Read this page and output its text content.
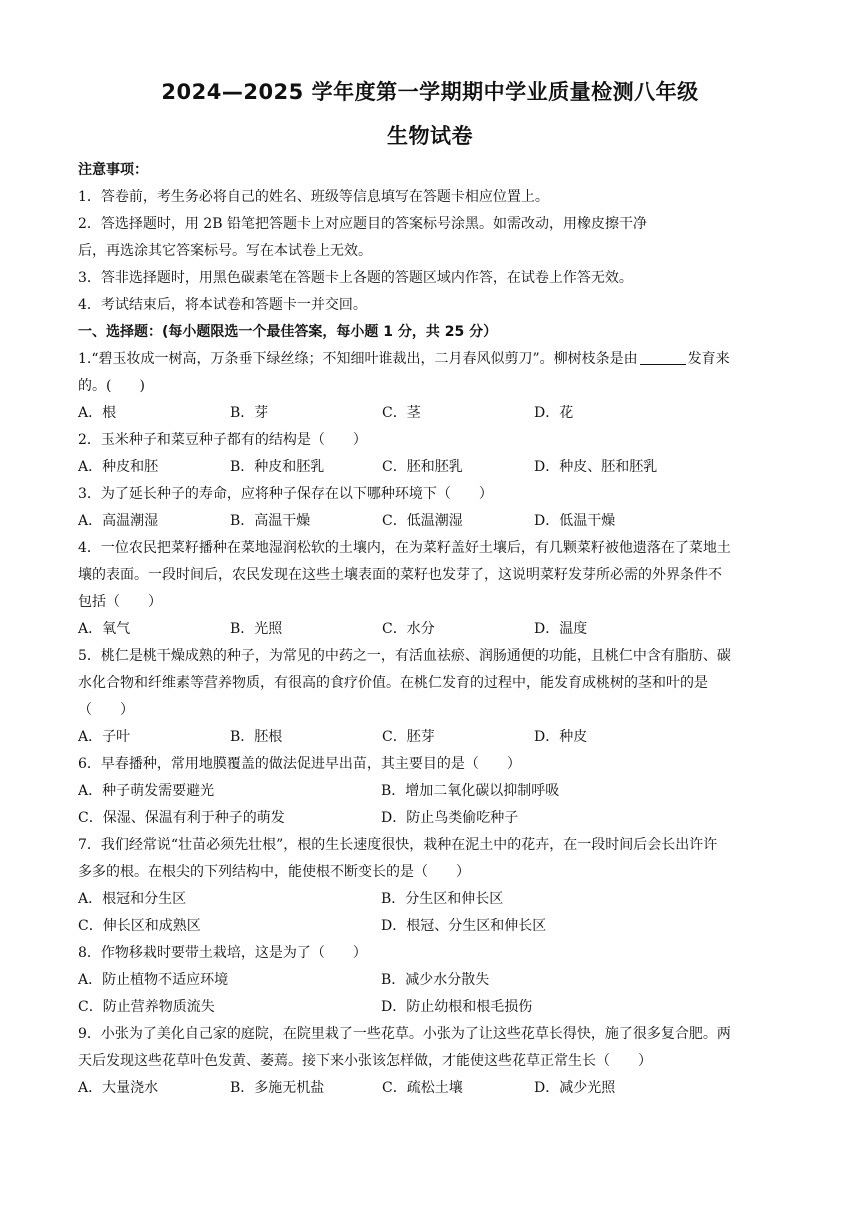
2024—2025 学年度第一学期期中学业质量检测八年级
生物试卷
注意事项：
1．答卷前，考生务必将自己的姓名、班级等信息填写在答题卡相应位置上。
2．答选择题时，用 2B 铅笔把答题卡上对应题目的答案标号涂黑。如需改动，用橡皮擦干净
后，再选涂其它答案标号。写在本试卷上无效。
3．答非选择题时，用黑色碳素笔在答题卡上各题的答题区域内作答，在试卷上作答无效。
4．考试结束后，将本试卷和答题卡一并交回。
一、选择题：(每小题限选一个最佳答案，每小题 1 分，共 25 分）
1.“碧玉妆成一树高，万条垂下绿丝绦；不知细叶谁裁出，二月春风似剪刀”。柳树枝条是由	发育来
的。(　　)
A．根	B．芽	C．茎	D．花
2．玉米种子和菜豆种子都有的结构是（　　）
A．种皮和胚	B．种皮和胚乳	C．胚和胚乳	D．种皮、胚和胚乳
3．为了延长种子的寿命，应将种子保存在以下哪种环境下（　　）
A．高温潮湿	B．高温干燥	C．低温潮湿	D．低温干燥
4．一位农民把菜籽播种在菜地湿润松软的土壤内，在为菜籽盖好土壤后，有几颗菜籽被他遗落在了菜地土
壤的表面。一段时间后，农民发现在这些土壤表面的菜籽也发芽了，这说明菜籽发芽所必需的外界条件不
包括（　　）
A．氧气	B．光照	C．水分	D．温度
5．桃仁是桃干燥成熟的种子，为常见的中药之一，有活血祛瘀、润肠通便的功能，且桃仁中含有脂肪、碳
水化合物和纤维素等营养物质，有很高的食疗价值。在桃仁发育的过程中，能发育成桃树的茎和叶的是
（　　）
A．子叶	B．胚根	C．胚芽	D．种皮
6．早春播种，常用地膜覆盖的做法促进早出苗，其主要目的是（　　）
A．种子萌发需要避光	B．增加二氧化碳以抑制呼吸
C．保湿、保温有利于种子的萌发	D．防止鸟类偷吃种子
7．我们经常说“壮苗必须先壮根”，根的生长速度很快，栽种在泥土中的花卉，在一段时间后会长出许许
多多的根。在根尖的下列结构中，能使根不断变长的是（　　）
A．根冠和分生区	B．分生区和伸长区
C．伸长区和成熟区	D．根冠、分生区和伸长区
8．作物移栽时要带土栽培，这是为了（　　）
A．防止植物不适应环境	B．减少水分散失
C．防止营养物质流失	D．防止幼根和根毛损伤
9．小张为了美化自己家的庭院，在院里栽了一些花草。小张为了让这些花草长得快，施了很多复合肥。两
天后发现这些花草叶色发黄、萎蔫。接下来小张该怎样做，才能使这些花草正常生长（　　）
A．大量浇水	B．多施无机盐	C．疏松土壤	D．减少光照
